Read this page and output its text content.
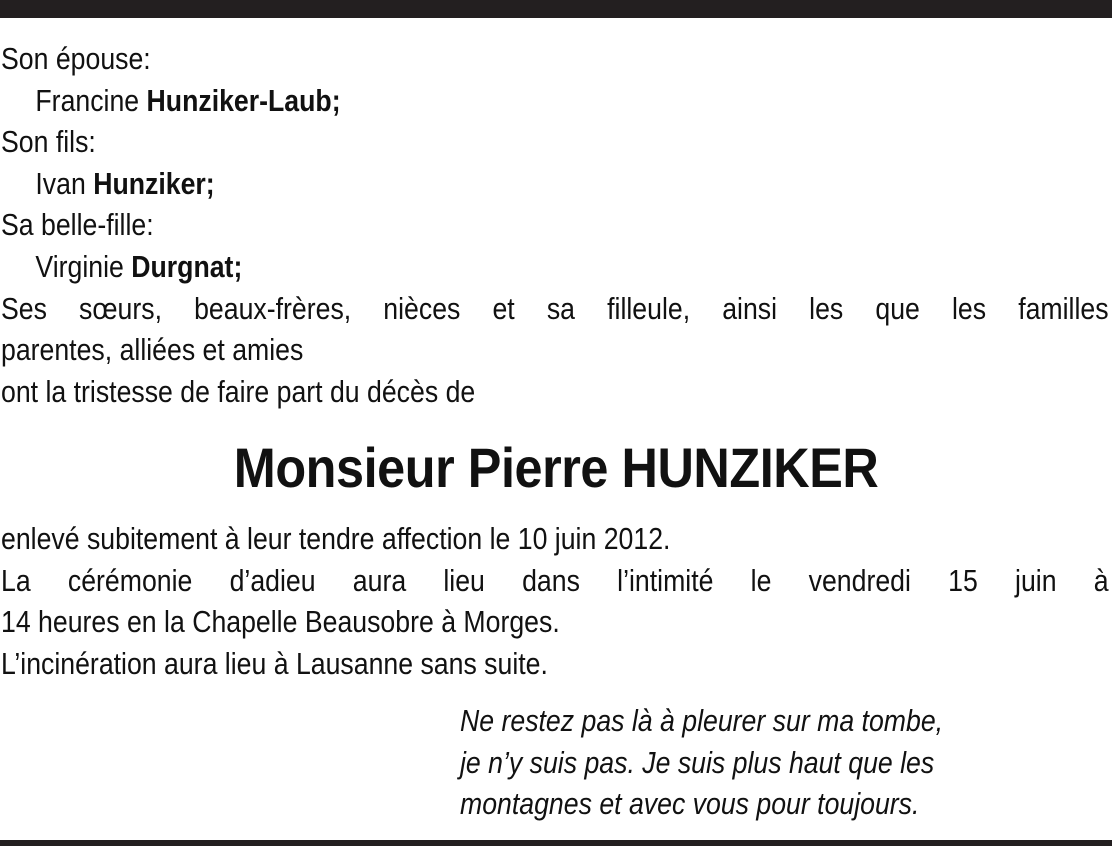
Son épouse:
Francine Hunziker-Laub;
Son fils:
Ivan Hunziker;
Sa belle-fille:
Virginie Durgnat;
Ses sœurs, beaux-frères, nièces et sa filleule, ainsi les que les familles
parentes, alliées et amies
ont la tristesse de faire part du décès de
Monsieur Pierre HUNZIKER
enlevé subitement à leur tendre affection le 10 juin 2012.
La cérémonie d’adieu aura lieu dans l’intimité le vendredi 15 juin à
14 heures en la Chapelle Beausobre à Morges.
L’incinération aura lieu à Lausanne sans suite.
Ne restez pas là à pleurer sur ma tombe,
je n’y suis pas. Je suis plus haut que les
montagnes et avec vous pour toujours.
